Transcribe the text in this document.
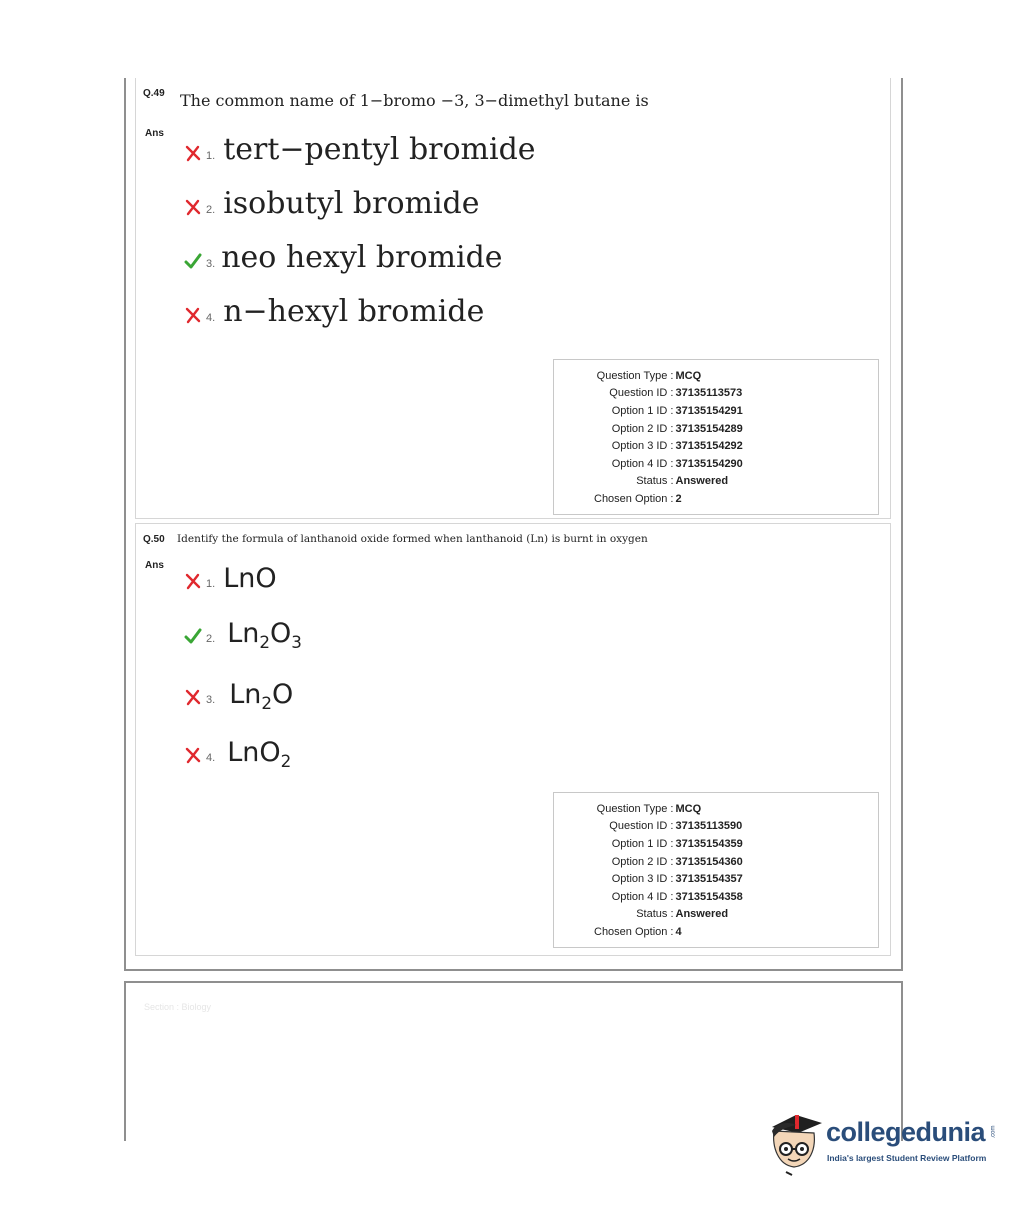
Q.49 The common name of 1−bromo −3, 3−dimethyl butane is
Ans
1. tert−pentyl bromide
2. isobutyl bromide
3. neo hexyl bromide
4. n−hexyl bromide
Question Type :	MCQ
Question ID :	37135113573
Option 1 ID :	37135154291
Option 2 ID :	37135154289
Option 3 ID :	37135154292
Option 4 ID :	37135154290
Status :	Answered
Chosen Option :	2
Q.50 Identify the formula of lanthanoid oxide formed when lanthanoid (Ln) is burnt in oxygen
Ans
1. LnO
2. $Ln_2O_3$
3. $Ln_2O$
4. LnO$_2$
Question Type :	MCQ
Question ID :	37135113590
Option 1 ID :	37135154359
Option 2 ID :	37135154360
Option 3 ID :	37135154357
Option 4 ID :	37135154358
Status :	Answered
Chosen Option :	4
Section : Biology
collegedunia .com
India's largest Student Review Platform
